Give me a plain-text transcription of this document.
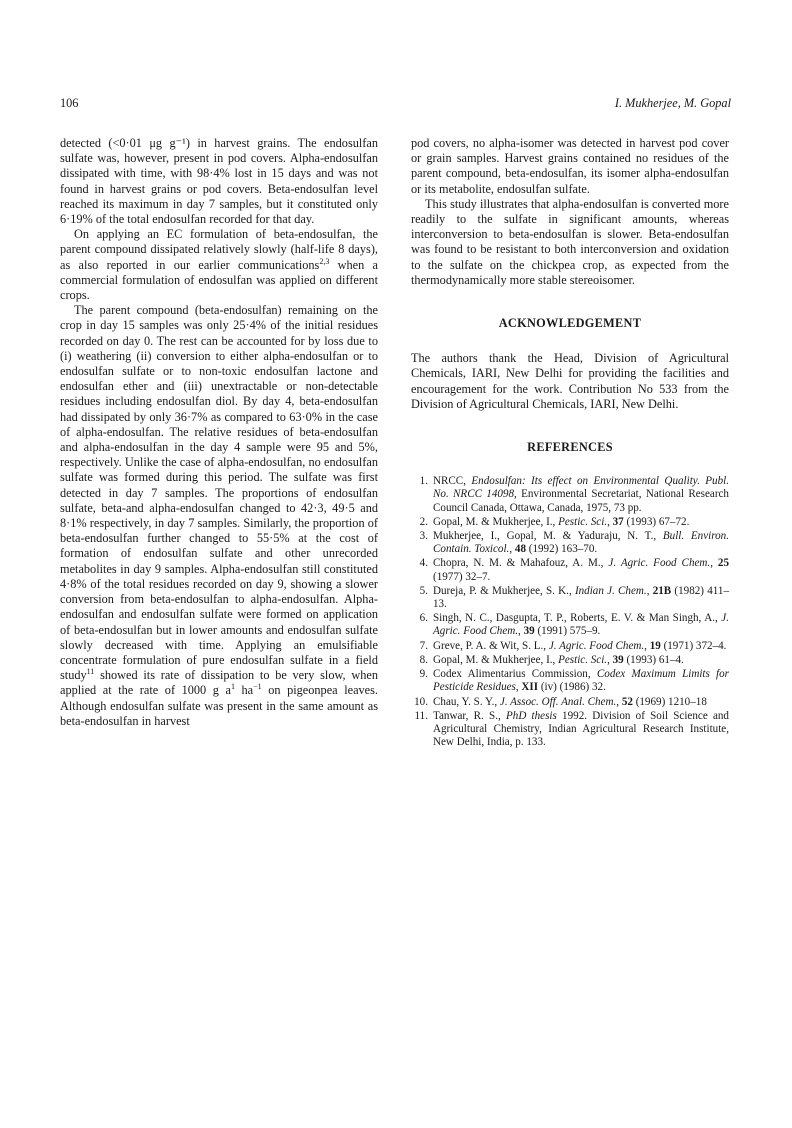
106	I. Mukherjee, M. Gopal

detected (<0·01 μg g⁻¹) in harvest grains. The endosulfan sulfate was, however, present in pod covers. Alpha-endosulfan dissipated with time, with 98·4% lost in 15 days and was not found in harvest grains or pod covers. Beta-endosulfan level reached its maximum in day 7 samples, but it constituted only 6·19% of the total endosulfan recorded for that day.

On applying an EC formulation of beta-endosulfan, the parent compound dissipated relatively slowly (half-life 8 days), as also reported in our earlier communications$^{2,3}$ when a commercial formulation of endosulfan was applied on different crops.

The parent compound (beta-endosulfan) remaining on the crop in day 15 samples was only 25·4% of the initial residues recorded on day 0. The rest can be accounted for by loss due to (i) weathering (ii) conversion to either alpha-endosulfan or to endosulfan sulfate or to non-toxic endosulfan lactone and endosulfan ether and (iii) unextractable or non-detectable residues including endosulfan diol. By day 4, beta-endosulfan had dissipated by only 36·7% as compared to 63·0% in the case of alpha-endosulfan. The relative residues of beta-endosulfan and alpha-endosulfan in the day 4 sample were 95 and 5%, respectively. Unlike the case of alpha-endosulfan, no endosulfan sulfate was formed during this period. The sulfate was first detected in day 7 samples. The proportions of endosulfan sulfate, beta-and alpha-endosulfan changed to 42·3, 49·5 and 8·1% respectively, in day 7 samples. Similarly, the proportion of beta-endosulfan further changed to 55·5% at the cost of formation of endosulfan sulfate and other unrecorded metabolites in day 9 samples. Alpha-endosulfan still constituted 4·8% of the total residues recorded on day 9, showing a slower conversion from beta-endosulfan to alpha-endosulfan. Alpha-endosulfan and endosulfan sulfate were formed on application of beta-endosulfan but in lower amounts and endosulfan sulfate slowly decreased with time. Applying an emulsifiable concentrate formulation of pure endosulfan sulfate in a field study$^{11}$ showed its rate of dissipation to be very slow, when applied at the rate of 1000 g $a^1$ $ha^{-1}$ on pigeonpea leaves. Although endosulfan sulfate was present in the same amount as beta-endosulfan in harvest

pod covers, no alpha-isomer was detected in harvest pod cover or grain samples. Harvest grains contained no residues of the parent compound, beta-endosulfan, its isomer alpha-endosulfan or its metabolite, endosulfan sulfate.

This study illustrates that alpha-endosulfan is converted more readily to the sulfate in significant amounts, whereas interconversion to beta-endosulfan is slower. Beta-endosulfan was found to be resistant to both interconversion and oxidation to the sulfate on the chickpea crop, as expected from the thermodynamically more stable stereoisomer.

ACKNOWLEDGEMENT

The authors thank the Head, Division of Agricultural Chemicals, IARI, New Delhi for providing the facilities and encouragement for the work. Contribution No 533 from the Division of Agricultural Chemicals, IARI, New Delhi.

REFERENCES
1. NRCC, Endosulfan: Its effect on Environmental Quality. Publ. No. NRCC 14098, Environmental Secretariat, National Research Council Canada, Ottawa, Canada, 1975, 73 pp.
2. Gopal, M. & Mukherjee, I., Pestic. Sci., 37 (1993) 67–72.
3. Mukherjee, I., Gopal, M. & Yaduraju, N. T., Bull. Environ. Contain. Toxicol., 48 (1992) 163–70.
4. Chopra, N. M. & Mahafouz, A. M., J. Agric. Food Chem., 25 (1977) 32–7.
5. Dureja, P. & Mukherjee, S. K., Indian J. Chem., 21B (1982) 411–13.
6. Singh, N. C., Dasgupta, T. P., Roberts, E. V. & Man Singh, A., J. Agric. Food Chem., 39 (1991) 575–9.
7. Greve, P. A. & Wit, S. L., J. Agric. Food Chem., 19 (1971) 372–4.
8. Gopal, M. & Mukherjee, I., Pestic. Sci., 39 (1993) 61–4.
9. Codex Alimentarius Commission, Codex Maximum Limits for Pesticide Residues, XII (iv) (1986) 32.
10. Chau, Y. S. Y., J. Assoc. Off. Anal. Chem., 52 (1969) 1210–18
11. Tanwar, R. S., PhD thesis 1992. Division of Soil Science and Agricultural Chemistry, Indian Agricultural Research Institute, New Delhi, India, p. 133.
